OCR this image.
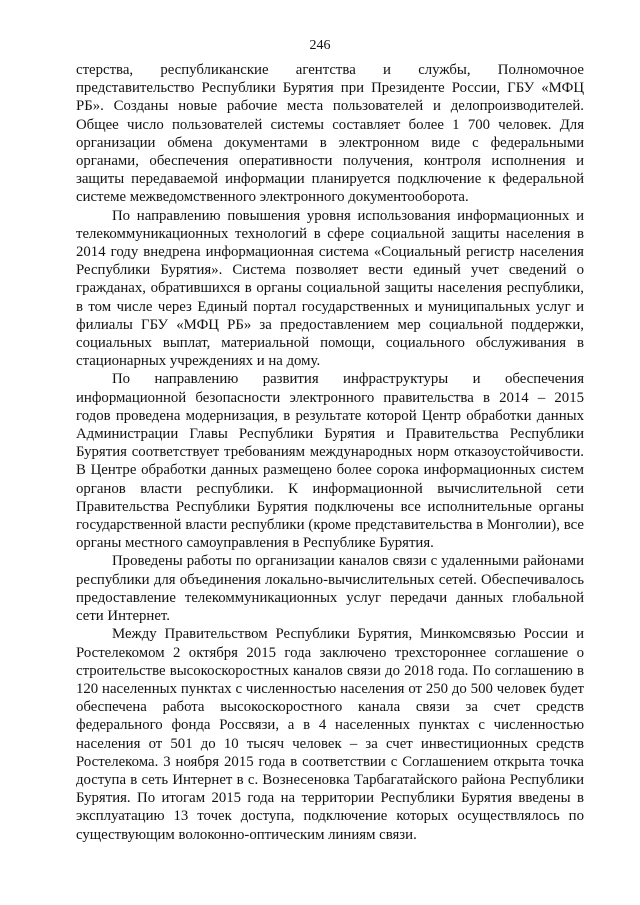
246

стерства, республиканские агентства и службы, Полномочное представительство Республики Бурятия при Президенте России, ГБУ «МФЦ РБ». Созданы новые рабочие места пользователей и делопроизводителей. Общее число пользователей системы составляет более 1 700 человек. Для организации обмена документами в электронном виде с федеральными органами, обеспечения оперативности получения, контроля исполнения и защиты передаваемой информации планируется подключение к федеральной системе межведомственного электронного документооборота.

По направлению повышения уровня использования информационных и телекоммуникационных технологий в сфере социальной защиты населения в 2014 году внедрена информационная система «Социальный регистр населения Республики Бурятия». Система позволяет вести единый учет сведений о гражданах, обратившихся в органы социальной защиты населения республики, в том числе через Единый портал государственных и муниципальных услуг и филиалы ГБУ «МФЦ РБ» за предоставлением мер социальной поддержки, социальных выплат, материальной помощи, социального обслуживания в стационарных учреждениях и на дому.

По направлению развития инфраструктуры и обеспечения информационной безопасности электронного правительства в 2014 – 2015 годов проведена модернизация, в результате которой Центр обработки данных Администрации Главы Республики Бурятия и Правительства Республики Бурятия соответствует требованиям международных норм отказоустойчивости. В Центре обработки данных размещено более сорока информационных систем органов власти республики. К информационной вычислительной сети Правительства Республики Бурятия подключены все исполнительные органы государственной власти республики (кроме представительства в Монголии), все органы местного самоуправления в Республике Бурятия.

Проведены работы по организации каналов связи с удаленными районами республики для объединения локально-вычислительных сетей. Обеспечивалось предоставление телекоммуникационных услуг передачи данных глобальной сети Интернет.

Между Правительством Республики Бурятия, Минкомсвязью России и Ростелекомом 2 октября 2015 года заключено трехстороннее соглашение о строительстве высокоскоростных каналов связи до 2018 года. По соглашению в 120 населенных пунктах с численностью населения от 250 до 500 человек будет обеспечена работа высокоскоростного канала связи за счет средств федерального фонда Россвязи, а в 4 населенных пунктах с численностью населения от 501 до 10 тысяч человек – за счет инвестиционных средств Ростелекома. 3 ноября 2015 года в соответствии с Соглашением открыта точка доступа в сеть Интернет в с. Вознесеновка Тарбагатайского района Республики Бурятия. По итогам 2015 года на территории Республики Бурятия введены в эксплуатацию 13 точек доступа, подключение которых осуществлялось по существующим волоконно-оптическим линиям связи.
